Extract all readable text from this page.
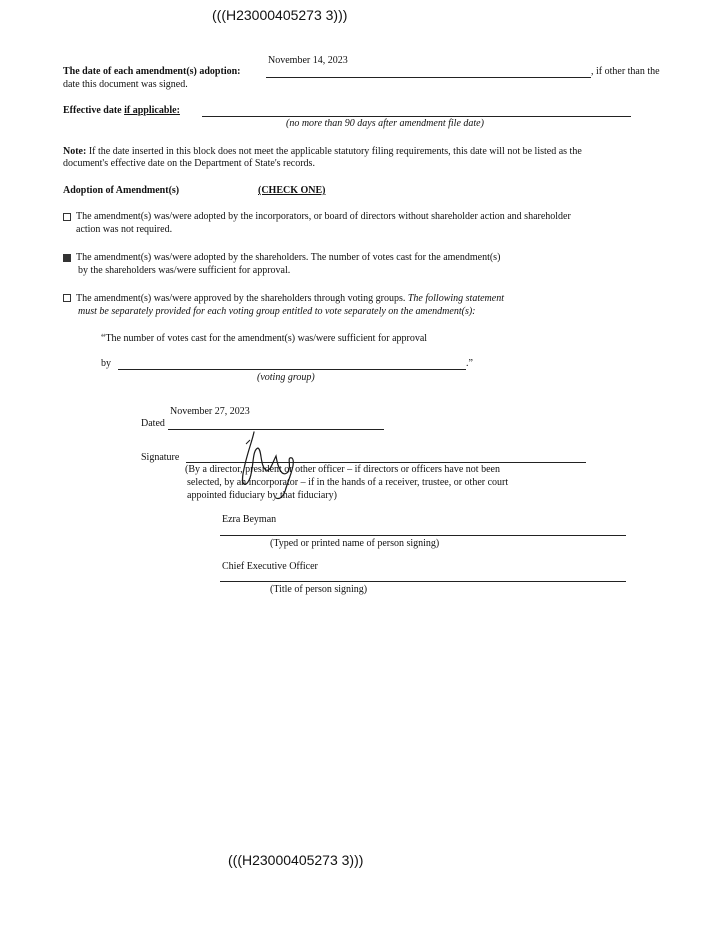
(((H23000405273 3)))
November 14, 2023
The date of each amendment(s) adoption:	, if other than the
date this document was signed.
Effective date if applicable:
(no more than 90 days after amendment file date)
Note: If the date inserted in this block does not meet the applicable statutory filing requirements, this date will not be listed as the
document's effective date on the Department of State's records.
Adoption of Amendment(s)	(CHECK ONE)
The amendment(s) was/were adopted by the incorporators, or board of directors without shareholder action and shareholder
action was not required.
The amendment(s) was/were adopted by the shareholders. The number of votes cast for the amendment(s)
by the shareholders was/were sufficient for approval.
The amendment(s) was/were approved by the shareholders through voting groups. The following statement
must be separately provided for each voting group entitled to vote separately on the amendment(s):
“The number of votes cast for the amendment(s) was/were sufficient for approval
by	.”
(voting group)
November 27, 2023
Dated
Signature
(By a director, president or other officer – if directors or officers have not been
selected, by an incorporator – if in the hands of a receiver, trustee, or other court
appointed fiduciary by that fiduciary)
Ezra Beyman
(Typed or printed name of person signing)
Chief Executive Officer
(Title of person signing)
(((H23000405273 3)))
